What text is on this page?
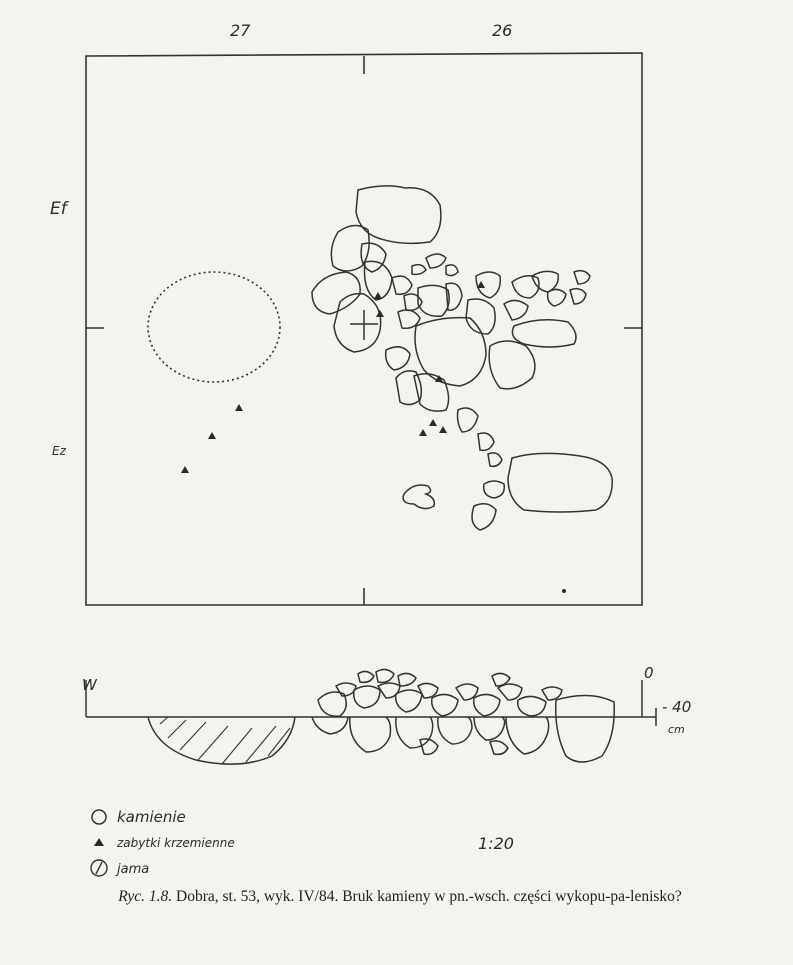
27	26
Ef
Ez
W
0
- 40
cm
kamienie
zabytki krzemienne
jama
1:20
Ryc. 1.8. Dobra, st. 53, wyk. IV/84. Bruk kamieny w pn.-wsch. części wykopu-pa-lenisko?
